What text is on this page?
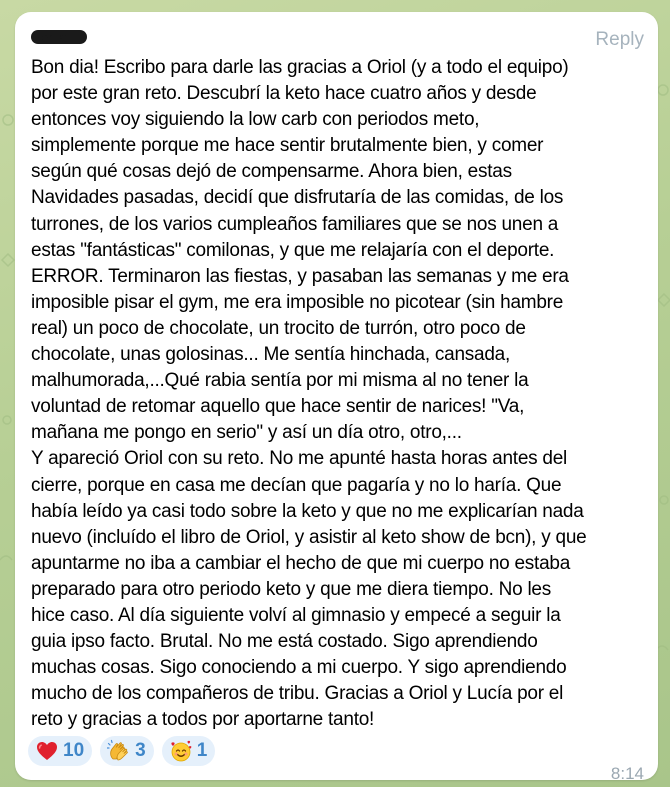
Sonia	Reply

Bon dia! Escribo para darle las gracias a Oriol (y a todo el equipo)
por este gran reto. Descubrí la keto hace cuatro años y desde
entonces voy siguiendo la low carb con periodos meto,
simplemente porque me hace sentir brutalmente bien, y comer
según qué cosas dejó de compensarme. Ahora bien, estas
Navidades pasadas, decidí que disfrutaría de las comidas, de los
turrones, de los varios cumpleaños familiares que se nos unen a
estas "fantásticas" comilonas, y que me relajaría con el deporte.
ERROR. Terminaron las fiestas, y pasaban las semanas y me era
imposible pisar el gym, me era imposible no picotear (sin hambre
real) un poco de chocolate, un trocito de turrón, otro poco de
chocolate, unas golosinas... Me sentía hinchada, cansada,
malhumorada,...Qué rabia sentía por mi misma al no tener la
voluntad de retomar aquello que hace sentir de narices! "Va,
mañana me pongo en serio" y así un día otro, otro,...
Y apareció Oriol con su reto. No me apunté hasta horas antes del
cierre, porque en casa me decían que pagaría y no lo haría. Que
había leído ya casi todo sobre la keto y que no me explicarían nada
nuevo (incluído el libro de Oriol, y asistir al keto show de bcn), y que
apuntarme no iba a cambiar el hecho de que mi cuerpo no estaba
preparado para otro periodo keto y que me diera tiempo. No les
hice caso. Al día siguiente volví al gimnasio y empecé a seguir la
guia ipso facto. Brutal. No me está costado. Sigo aprendiendo
muchas cosas. Sigo conociendo a mi cuerpo. Y sigo aprendiendo
mucho de los compañeros de tribu. Gracias a Oriol y Lucía por el
reto y gracias a todos por aportarne tanto!

10	3	1
8:14
